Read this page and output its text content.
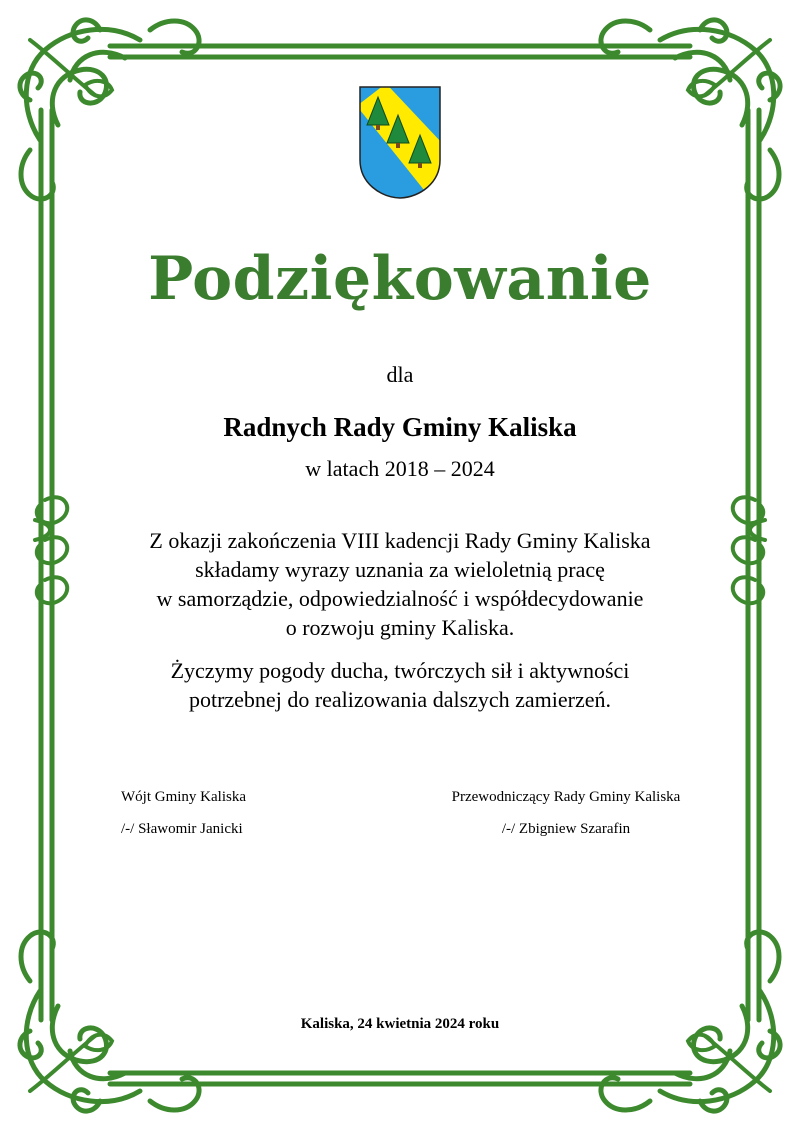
Podziękowanie
dla
Radnych Rady Gminy Kaliska
w latach 2018 – 2024
Z okazji zakończenia VIII kadencji Rady Gminy Kaliska
składamy wyrazy uznania za wieloletnią pracę
w samorządzie, odpowiedzialność i współdecydowanie
o rozwoju gminy Kaliska.
Życzymy pogody ducha, twórczych sił i aktywności
potrzebnej do realizowania dalszych zamierzeń.
Wójt Gminy Kaliska
/-/ Sławomir Janicki
Przewodniczący Rady Gminy Kaliska
/-/ Zbigniew Szarafin
Kaliska, 24 kwietnia 2024 roku
